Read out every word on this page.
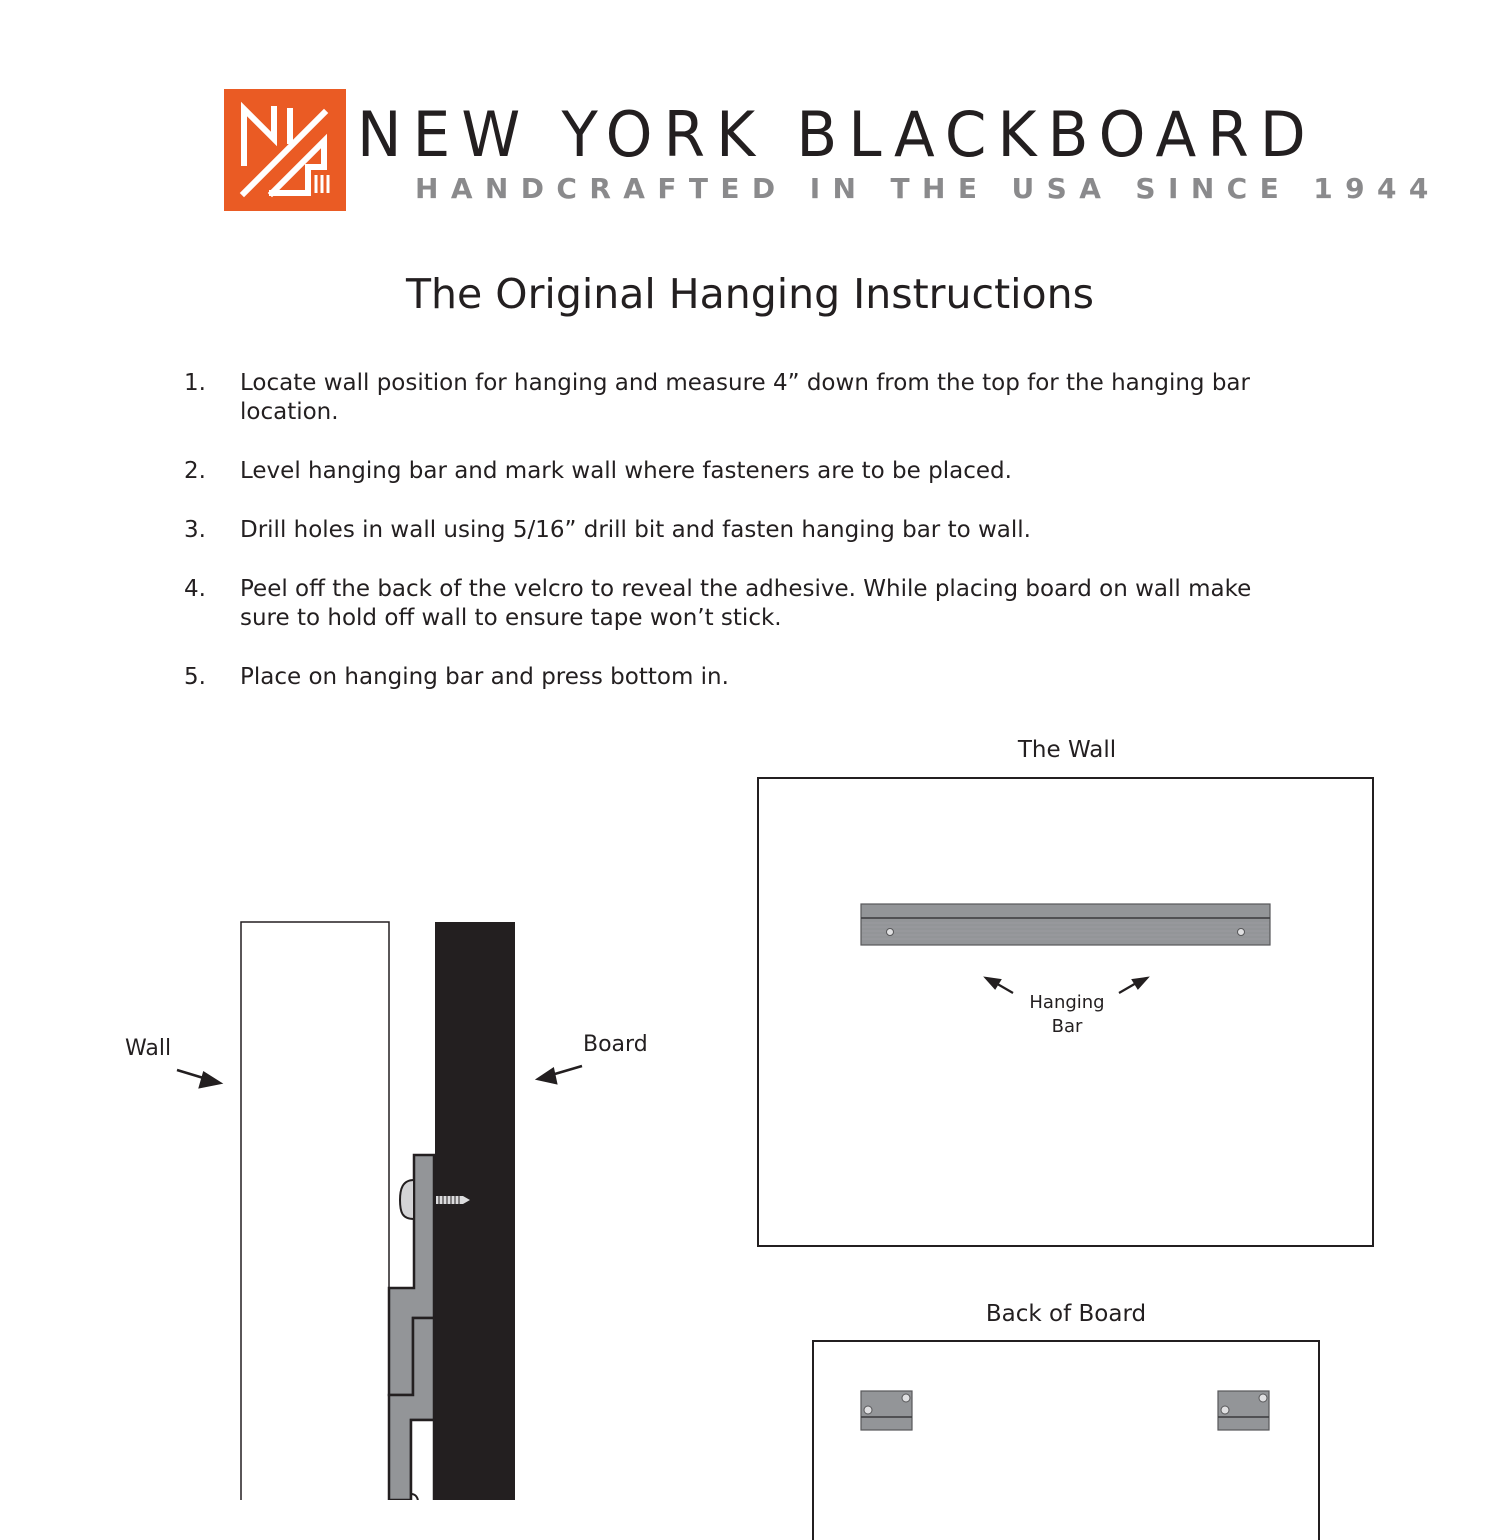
NEW YORK BLACKBOARD
HANDCRAFTED IN THE USA SINCE 1944
The Original Hanging Instructions
1.	Locate wall position for hanging and measure 4” down from the top for the hanging bar location.
2.	Level hanging bar and mark wall where fasteners are to be placed.
3.	Drill holes in wall using 5/16” drill bit and fasten hanging bar to wall.
4.	Peel off the back of the velcro to reveal the adhesive. While placing board on wall make sure to hold off wall to ensure tape won’t stick.
5.	Place on hanging bar and press bottom in.
Wall	Board
The Wall
Hanging
Bar
Back of Board
